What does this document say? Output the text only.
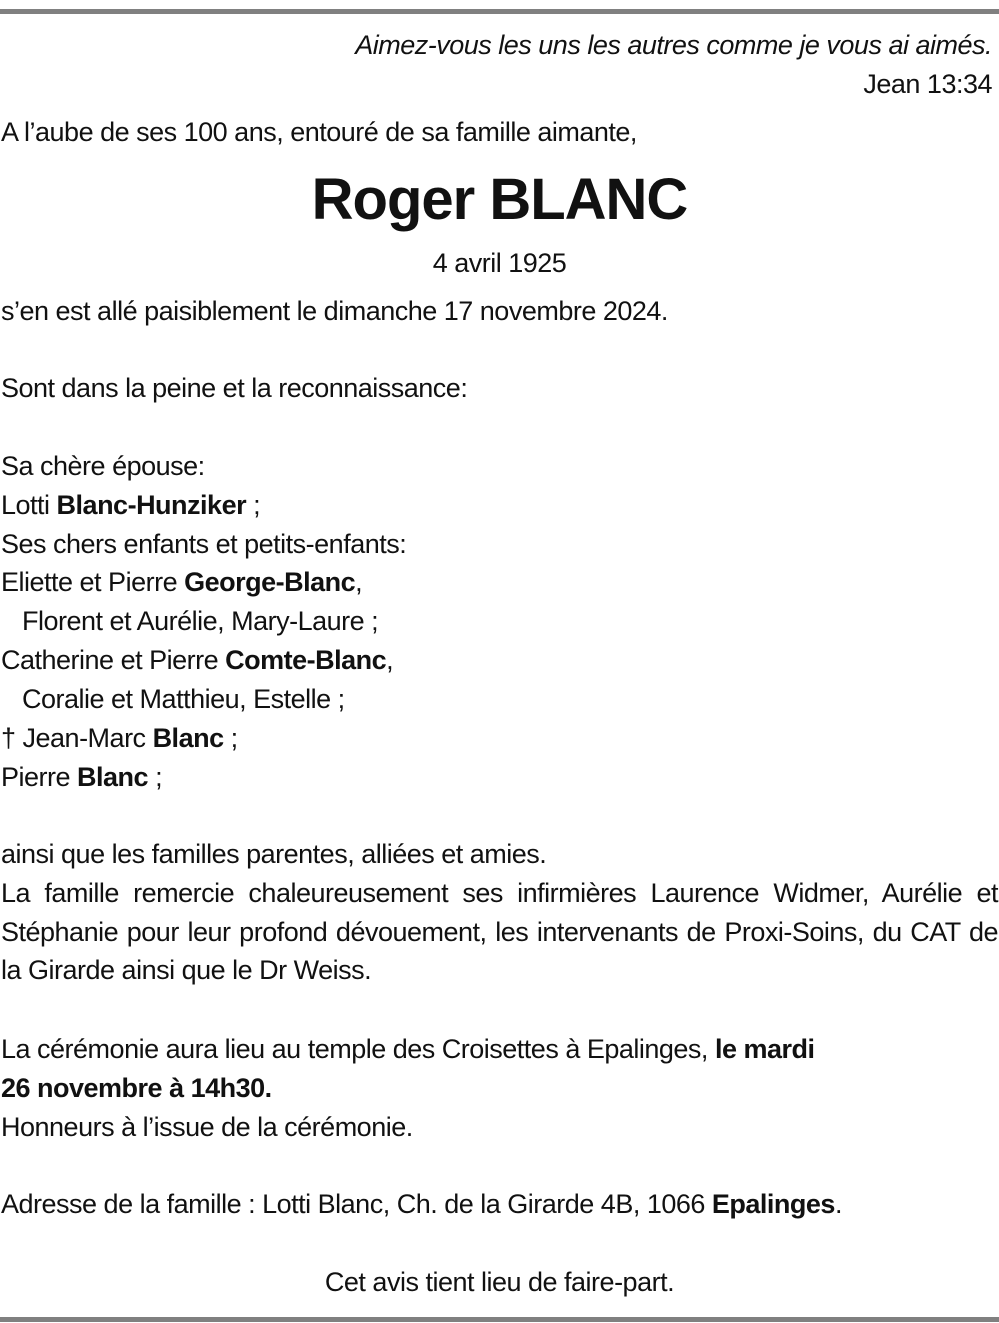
Aimez-vous les uns les autres comme je vous ai aimés.
Jean 13:34
A l’aube de ses 100 ans, entouré de sa famille aimante,
Roger BLANC
4 avril 1925
s’en est allé paisiblement le dimanche 17 novembre 2024.
Sont dans la peine et la reconnaissance:
Sa chère épouse:
Lotti Blanc-Hunziker ;
Ses chers enfants et petits-enfants:
Eliette et Pierre George-Blanc,
Florent et Aurélie, Mary-Laure ;
Catherine et Pierre Comte-Blanc,
Coralie et Matthieu, Estelle ;
† Jean-Marc Blanc ;
Pierre Blanc ;
ainsi que les familles parentes, alliées et amies.
La famille remercie chaleureusement ses infirmières Laurence Widmer, Aurélie et Stéphanie pour leur profond dévouement, les intervenants de Proxi-Soins, du CAT de la Girarde ainsi que le Dr Weiss.
La cérémonie aura lieu au temple des Croisettes à Epalinges, le mardi
26 novembre à 14h30.
Honneurs à l’issue de la cérémonie.
Adresse de la famille : Lotti Blanc, Ch. de la Girarde 4B, 1066 Epalinges.
Cet avis tient lieu de faire-part.
